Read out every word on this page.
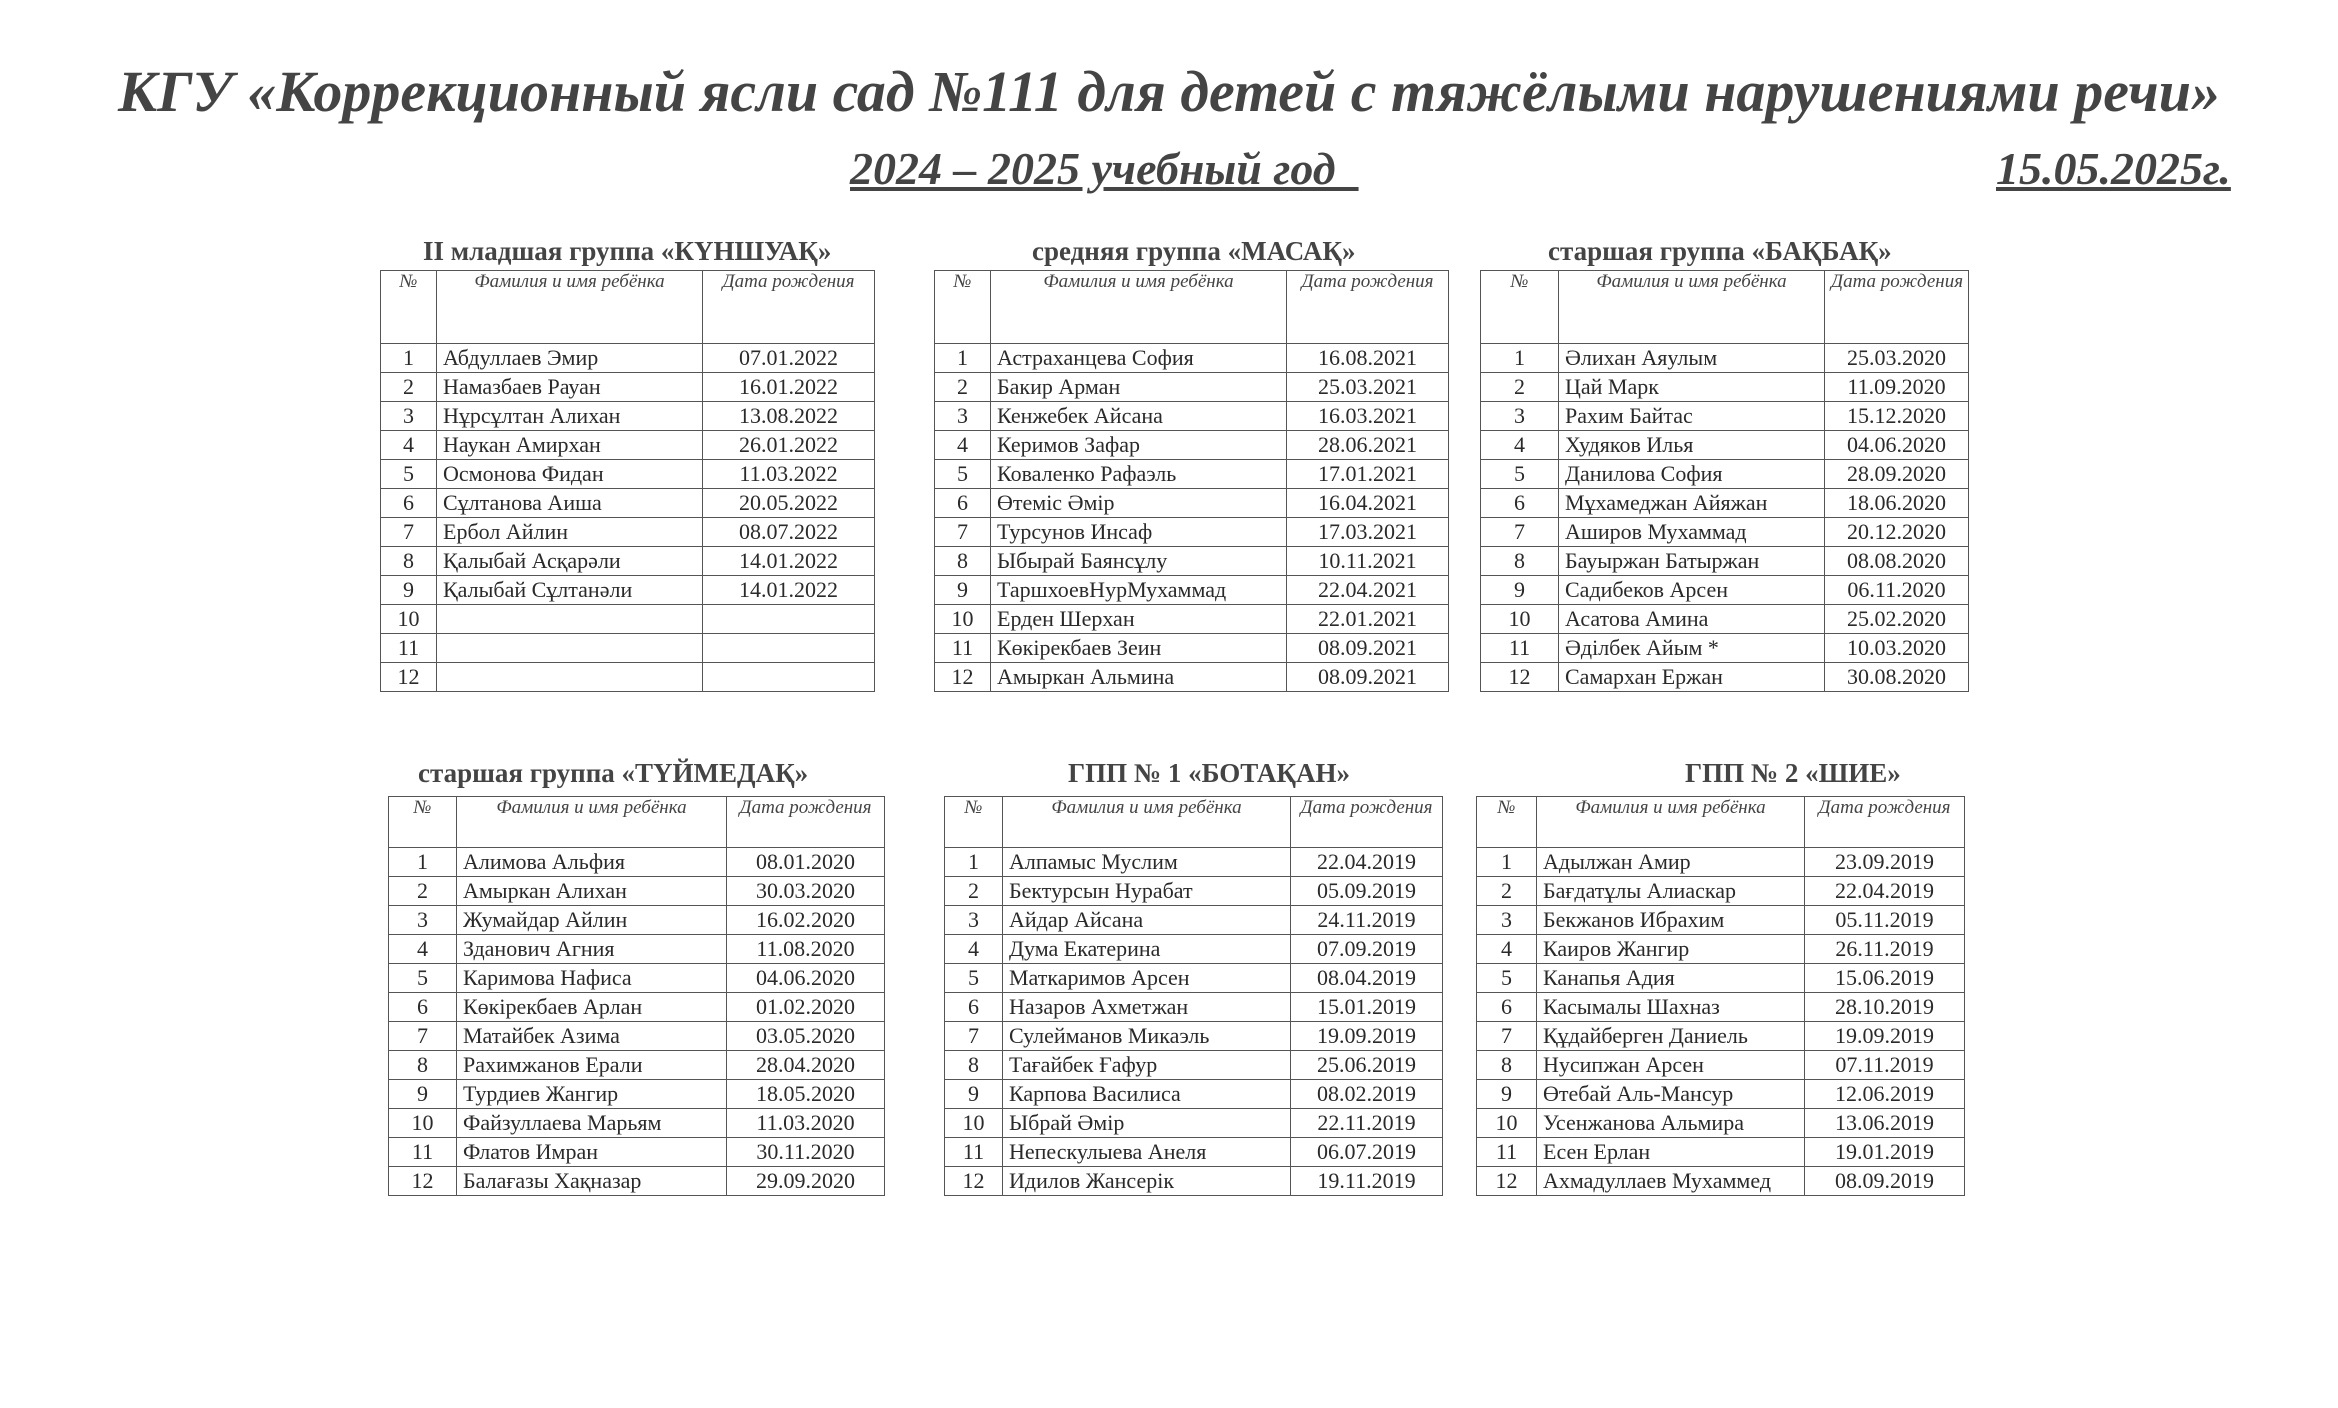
КГУ «Коррекционный ясли сад №111 для детей с тяжёлыми нарушениями речи»
2024 – 2025 учебный год	15.05.2025г.
II младшая группа «КҮНШУАҚ»	средняя группа «МАСАҚ»	старшая группа «БАҚБАҚ»
старшая группа «ТҮЙМЕДАҚ»	ГПП № 1 «БОТАҚАН»	ГПП № 2 «ШИЕ»
№	Фамилия и имя ребёнка	Дата рождения
1	Абдуллаев Эмир	07.01.2022
2	Намазбаев Рауан	16.01.2022
3	Нұрсұлтан Алихан	13.08.2022
4	Наукан Амирхан	26.01.2022
5	Осмонова Фидан	11.03.2022
6	Сұлтанова Аиша	20.05.2022
7	Ербол Айлин	08.07.2022
8	Қалыбай Асқарәли	14.01.2022
9	Қалыбай Сұлтанәли	14.01.2022
10		
11		
12		
№	Фамилия и имя ребёнка	Дата рождения
1	Астраханцева София	16.08.2021
2	Бакир Арман	25.03.2021
3	Кенжебек Айсана	16.03.2021
4	Керимов Зафар	28.06.2021
5	Коваленко Рафаэль	17.01.2021
6	Өтеміс Әмір	16.04.2021
7	Турсунов Инсаф	17.03.2021
8	Ыбырай Баянсұлу	10.11.2021
9	ТаршхоевНурМухаммад	22.04.2021
10	Ерден Шерхан	22.01.2021
11	Көкірекбаев Зеин	08.09.2021
12	Амыркан Альмина	08.09.2021
№	Фамилия и имя ребёнка	Дата рождения
1	Әлихан Аяулым	25.03.2020
2	Цай Марк	11.09.2020
3	Рахим Байтас	15.12.2020
4	Худяков Илья	04.06.2020
5	Данилова София	28.09.2020
6	Мұхамеджан Айяжан	18.06.2020
7	Аширов Мухаммад	20.12.2020
8	Бауыржан Батыржан	08.08.2020
9	Садибеков Арсен	06.11.2020
10	Асатова Амина	25.02.2020
11	Әділбек Айым *	10.03.2020
12	Самархан Ержан	30.08.2020
№	Фамилия и имя ребёнка	Дата рождения
1	Алимова Альфия	08.01.2020
2	Амыркан Алихан	30.03.2020
3	Жумайдар Айлин	16.02.2020
4	Зданович Агния	11.08.2020
5	Каримова Нафиса	04.06.2020
6	Көкірекбаев Арлан	01.02.2020
7	Матайбек Азима	03.05.2020
8	Рахимжанов Ерали	28.04.2020
9	Турдиев Жангир	18.05.2020
10	Файзуллаева Марьям	11.03.2020
11	Флатов Имран	30.11.2020
12	Балағазы Хақназар	29.09.2020
№	Фамилия и имя ребёнка	Дата рождения
1	Алпамыс Муслим	22.04.2019
2	Бектурсын Нурабат	05.09.2019
3	Айдар Айсана	24.11.2019
4	Дума Екатерина	07.09.2019
5	Маткаримов Арсен	08.04.2019
6	Назаров Ахметжан	15.01.2019
7	Сулейманов Микаэль	19.09.2019
8	Тағайбек Ғафур	25.06.2019
9	Карпова Василиса	08.02.2019
10	Ыбрай Әмір	22.11.2019
11	Непескулыева Анеля	06.07.2019
12	Идилов Жансерік	19.11.2019
№	Фамилия и имя ребёнка	Дата рождения
1	Адылжан Амир	23.09.2019
2	Бағдатұлы Алиаскар	22.04.2019
3	Бекжанов Ибрахим	05.11.2019
4	Каиров Жангир	26.11.2019
5	Канапья Адия	15.06.2019
6	Касымалы Шахназ	28.10.2019
7	Құдайберген Даниель	19.09.2019
8	Нусипжан Арсен	07.11.2019
9	Өтебай Аль-Мансур	12.06.2019
10	Усенжанова Альмира	13.06.2019
11	Есен Ерлан	19.01.2019
12	Ахмадуллаев Мухаммед	08.09.2019
